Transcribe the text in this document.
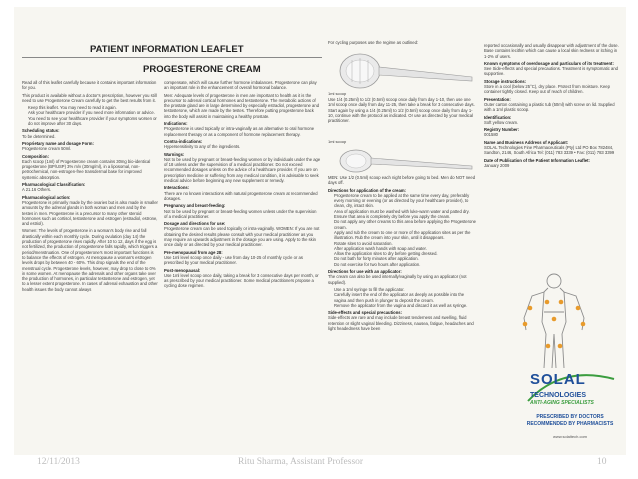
PATIENT INFORMATION LEAFLET
PROGESTERONE CREAM

Read all of this leaflet carefully because it contains important information for you.

This product is available without a doctor's prescription, however you still need to use Progesterone Cream carefully to get the best results from it.

• Keep this leaflet. You may need to read it again.
• Ask your healthcare provider if you need more information or advice.
• You need to see your healthcare provider if your symptoms worsen or do not improve after 30 days.
Scheduling status:

To be determined.

Proprietary name and dosage Form:

Progesterone cream 50ml.

Composition:

Each scoop (1ml) of Progesterone cream contains 30mg bio-identical progesterone (BP/USP) 3% m/v (30mg/ml), in a liposomal, non-petrochemical, non-estrogen-free transdermal base for improved systemic absorption.

Pharmacological Classification:

A 21.16 Others.

Pharmacological action:

Progesterone is primarily made by the ovaries but is also made in smaller amounts by the adrenal glands in both woman and men and by the testes in men. Progesterone is a precursor to many other steroid hormones such as cortisol, testosterone and estrogen (estradiol, estrone, and estriol).

Women: The levels of progesterone in a woman's body rise and fall drastically within each monthly cycle. During ovulation (day 14) the production of progesterone rises rapidly. After 10 to 12, days if the egg is not fertilized, the production of progesterone falls rapidly, which triggers a period/menstruation. One of progesterone's most important functions is to balance the effects of estrogen. At menopause a woman's estrogen levels drops by between 40 - 60%. This drop signals the end of the menstrual cycle. Progesterone levels, however, may drop to close to 0% in some women. At menopause the adrenals and other organs take over the production of hormones, in particular testosterone and estrogen, yet to a lesser extent progesterone. In cases of adrenal exhaustion and other health issues the body cannot always

compensate, which will cause further hormone imbalances. Progesterone can play an important role in the enhancement of overall hormonal balance.

Men: Adequate levels of progesterone in men are important to health as it is the precursor to adrenal cortical hormones and testosterone. The metabolic actions of the prostate gland are in large determined by especially estradiol, progesterone and testosterone, which are made by the testes. Therefore putting progesterone back into the body will assist in maintaining a healthy prostate.

Indications:

Progesterone is used topically or intra-vaginally as an alternative to oral hormone replacement therapy or as a component of hormone replacement therapy.

Contra-indications:

Hypersensitivity to any of the ingredients.

Warnings:

Not to be used by pregnant or breast-feeding women or by individuals under the age of 18 unless under the supervision of a medical practitioner. Do not exceed recommended dosages unless on the advice of a healthcare provider. If you are on prescription medicine or suffering from any medical condition, it is advisable to seek medical advice before beginning any new supplement or remedy.

Interactions:

There are no known interactions with natural progesterone cream at recommended dosages.

Pregnancy and breast-feeding:

Not to be used by pregnant or breast-feeding women unless under the supervision of a medical practitioner.

Dosage and directions for use:

Progesterone cream can be used topically or intra-vaginally. WOMEN: If you are not obtaining the desired results please consult with your medical practitioner as you may require an upwards adjustment in the dosage you are using. Apply to the skin once daily or as directed by your medical practitioner.

Pre-menopausal from age 28:

Use 1ml level scoop once daily - use from day 10-25 of monthly cycle or as prescribed by your medical practitioner.

Post-menopausal:

Use 1ml level scoop once daily, taking a break for 3 consecutive days per month, or as prescribed by your medical practitioner. Some medical practitioners propose a cycling dose regimen.

For cycling purposes use the regime as outlined:

1ml scoop

Use 1/4 (0.25ml) to 1/2 (0.5ml) scoop once daily from day 1-10, then use one 1ml scoop once daily from day 11-25, then take a break for 3 consecutive days. Start again by using a 1/4 (0.25ml) to 1/2 (0.5ml) scoop once daily from day 1-10, continue with the protocol as indicated. Or use as directed by your medical practitioner.

1ml scoop

MEN: Use 1/2 (0.5ml) scoop each night before going to bed. Men do NOT need days off.

Directions for application of the cream:
• Progesterone cream to be applied at the same time every day, preferably every morning or evening (or as directed by your healthcare provider), to clean, dry, intact skin.
• Area of application must be washed with luke-warm water and patted dry. Ensure that area is completely dry before you apply the cream.
• Do not apply any other creams to this area before applying the Progesterone cream.
• Apply and rub the cream to one or more of the application sites as per the illustration. Rub the cream into your skin, until it disappears.
• Rotate sites to avoid saturation.
• After application wash hands with soap and water.
• Allow the application sites to dry before getting dressed.
• Do not bath for forty minutes after application.
• Do not exercise for two hours after application.
Directions for use with an applicator:

The cream can also be used internally/vaginally by using an applicator (not supplied).

• Use a 1ml syringe to fill the applicator.
• Carefully insert the end of the applicator as deeply as possible into the vagina and then push in plunger to deposit the cream.
• Remove the applicator from the vagina and discard it as well as syringe.
Side-effects and special precautions:

Side-effects are rare and may include breast tenderness and swelling, fluid retention or slight vaginal bleeding. Dizziness, nausea, fatigue, headaches and light headedness have been

reported occasionally and usually disappear with adjustment of the dose. Base contains lecithin which can cause a local skin redness or itching in 1-2% of users.

Known symptoms of overdosage and particulars of its treatment:

See Side-effects and special precautions. Treatment is symptomatic and supportive.

Storage instructions:

Store in a cool (below 25°C), dry place. Protect from moisture. Keep container tightly closed. Keep out of reach of children.

Presentation:

Outer carton containing a plastic tub (50ml) with screw on lid. Supplied with a 1ml plastic scoop.

Identification:

Soft yellow cream.

Registry Number:

001580

Name and Business Address of Applicant:

SOLAL Technologies Fine Pharmaceuticals (Pty) Ltd PO Box 782484, Sandton, 2146, South Africa Tel: (011) 783 3339 • Fax: (011) 783 3399

Date of Publication of the Patient Information Leaflet:

January 2009

SOLAL
TECHNOLOGIES
ANTI-AGING SPECIALISTS
PRESCRIBED BY DOCTORS
RECOMMENDED BY PHARMACISTS
www.solaltech.com
12/11/2013	Ritu Sharma, Assistant Professor	10
